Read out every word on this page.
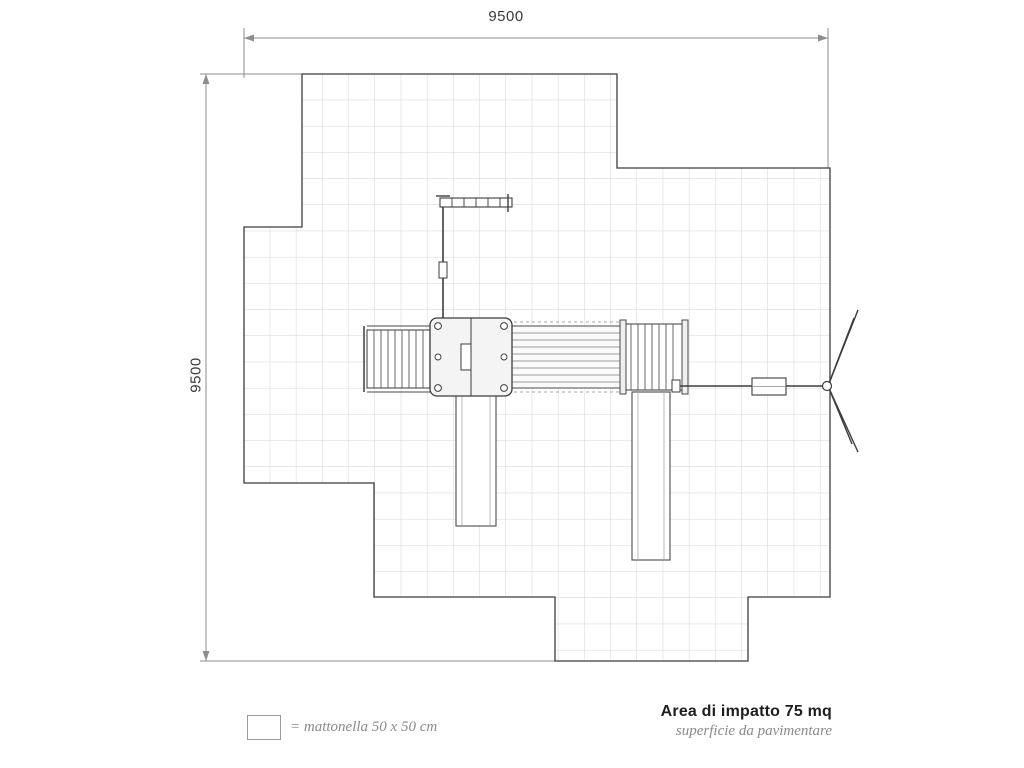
9500
9500
= mattonella 50 x 50 cm
Area di impatto 75 mq
superficie da pavimentare
